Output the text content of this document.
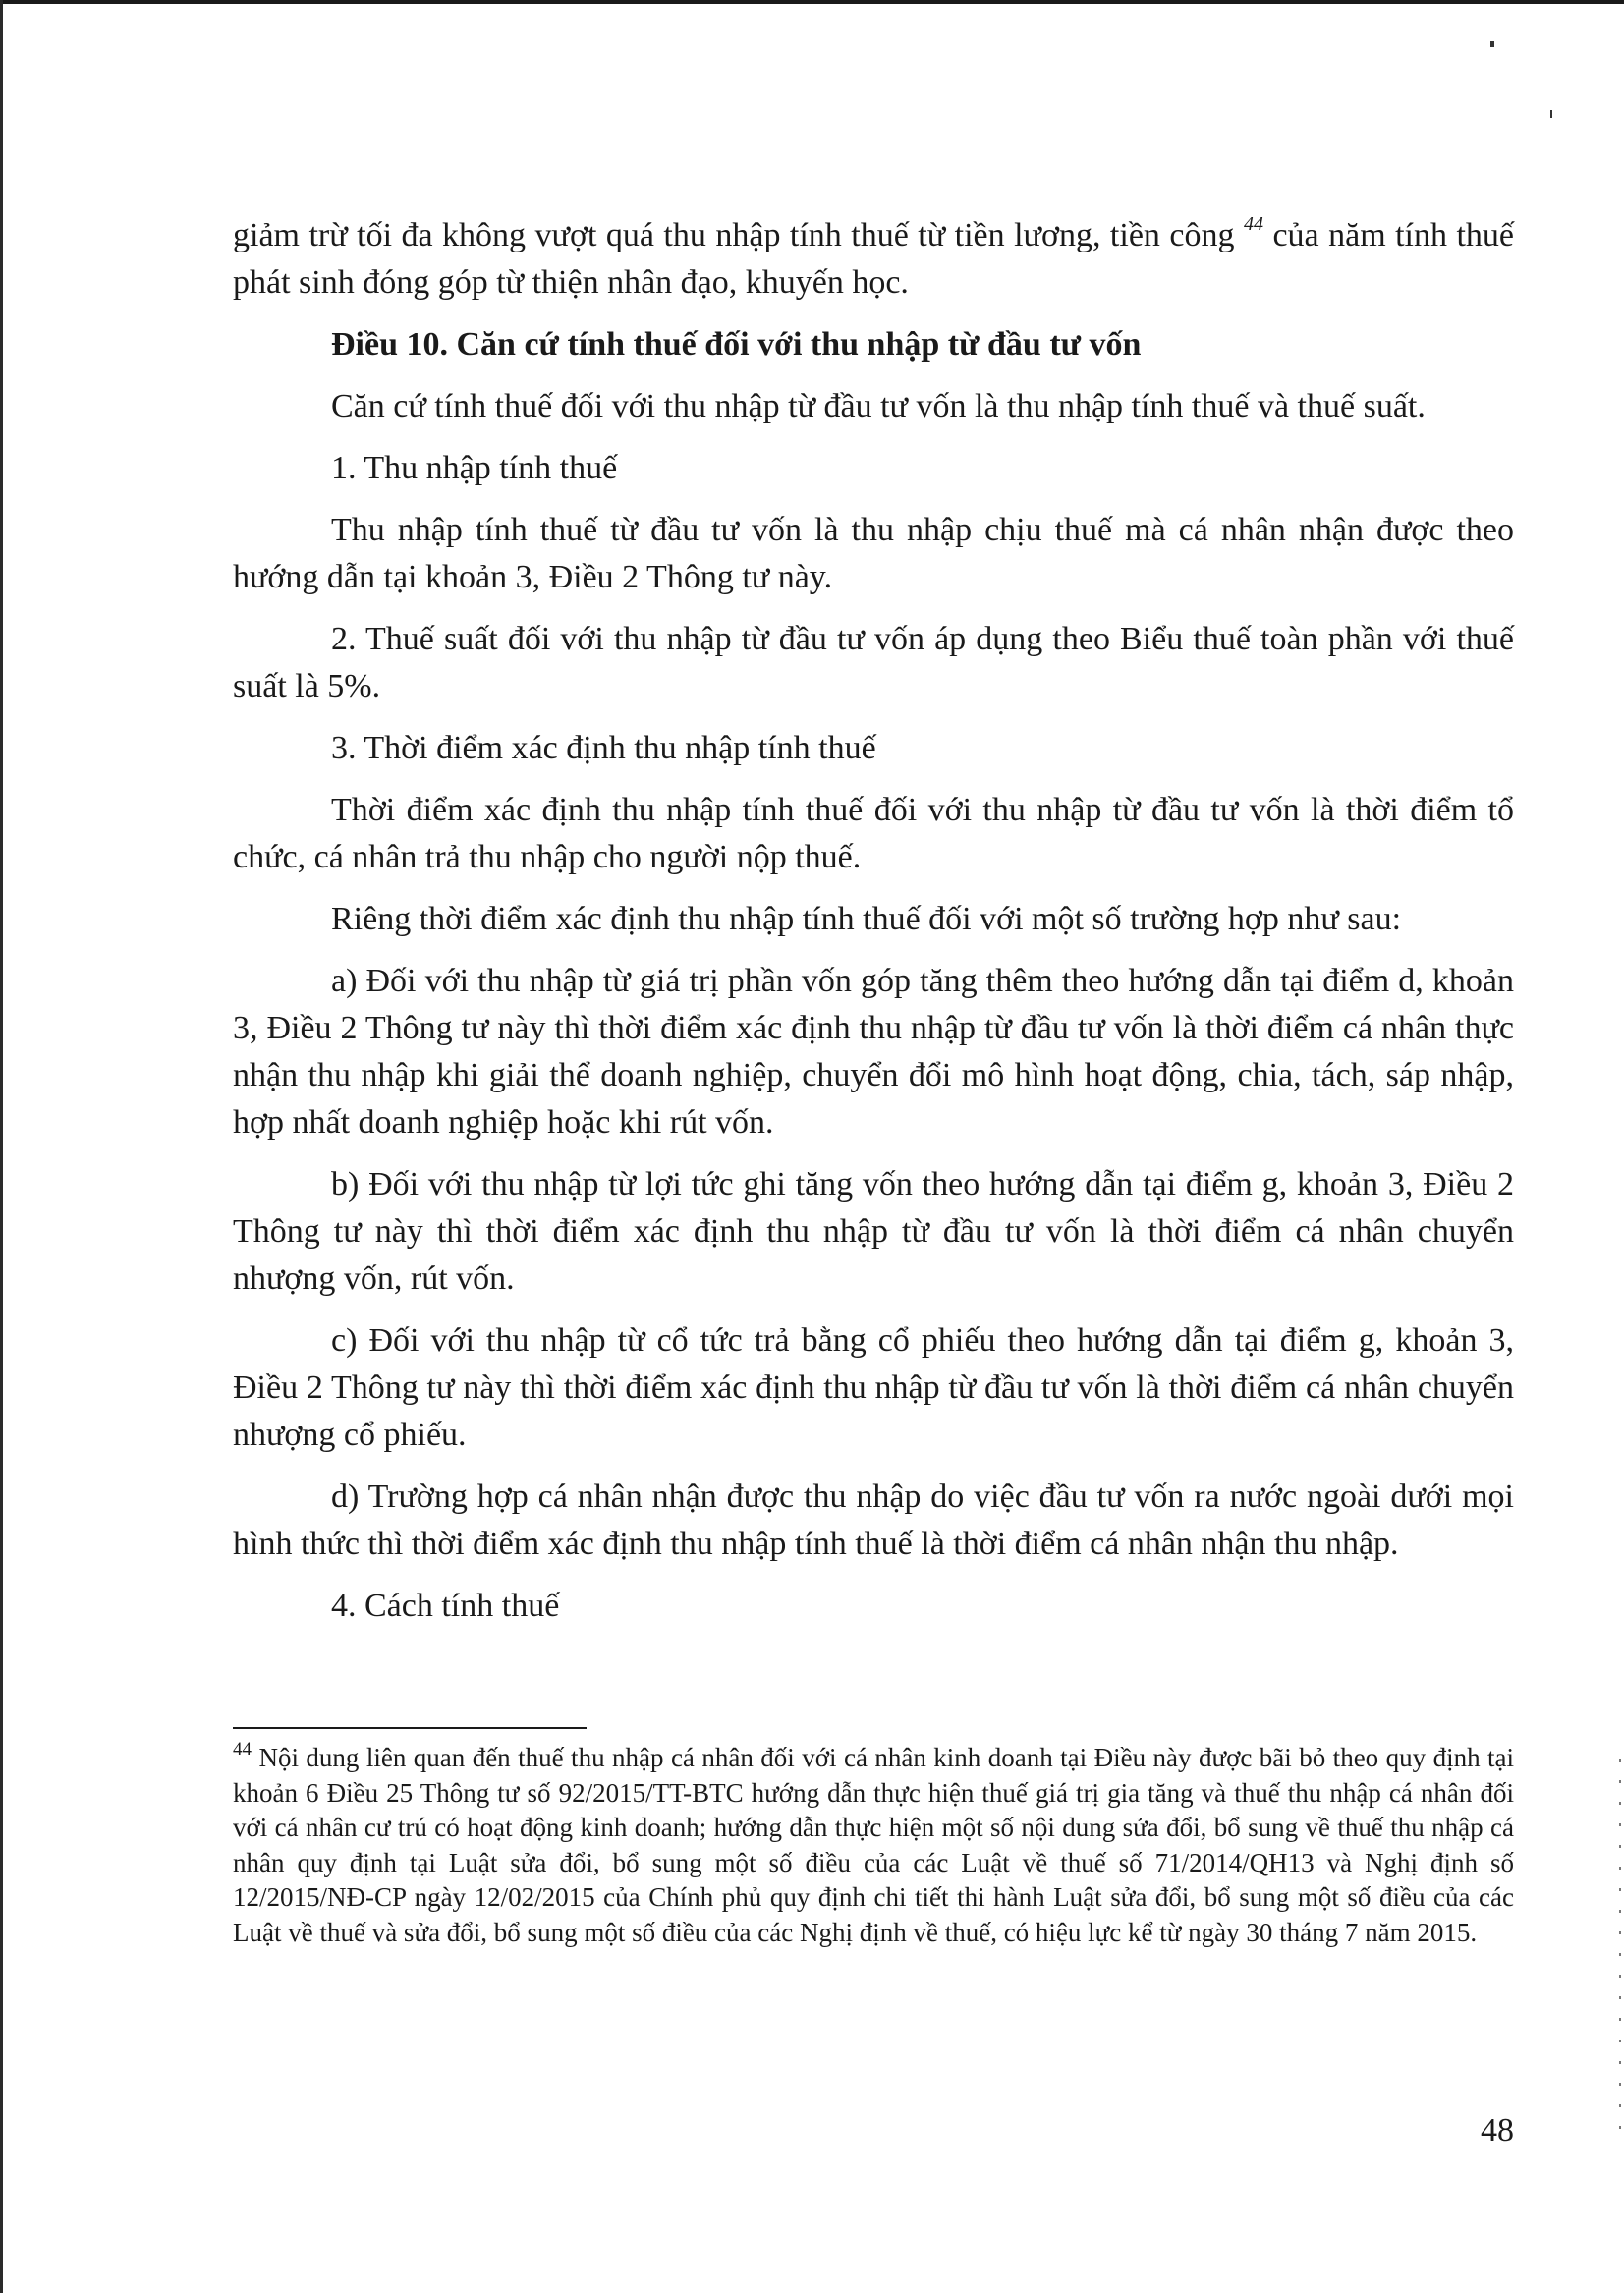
giảm trừ tối đa không vượt quá thu nhập tính thuế từ tiền lương, tiền công $^{44}$ của năm tính thuế phát sinh đóng góp từ thiện nhân đạo, khuyến học.

Điều 10. Căn cứ tính thuế đối với thu nhập từ đầu tư vốn

Căn cứ tính thuế đối với thu nhập từ đầu tư vốn là thu nhập tính thuế và thuế suất.

1. Thu nhập tính thuế

Thu nhập tính thuế từ đầu tư vốn là thu nhập chịu thuế mà cá nhân nhận được theo hướng dẫn tại khoản 3, Điều 2 Thông tư này.

2. Thuế suất đối với thu nhập từ đầu tư vốn áp dụng theo Biểu thuế toàn phần với thuế suất là 5%.

3. Thời điểm xác định thu nhập tính thuế

Thời điểm xác định thu nhập tính thuế đối với thu nhập từ đầu tư vốn là thời điểm tổ chức, cá nhân trả thu nhập cho người nộp thuế.

Riêng thời điểm xác định thu nhập tính thuế đối với một số trường hợp như sau:

a) Đối với thu nhập từ giá trị phần vốn góp tăng thêm theo hướng dẫn tại điểm d, khoản 3, Điều 2 Thông tư này thì thời điểm xác định thu nhập từ đầu tư vốn là thời điểm cá nhân thực nhận thu nhập khi giải thể doanh nghiệp, chuyển đổi mô hình hoạt động, chia, tách, sáp nhập, hợp nhất doanh nghiệp hoặc khi rút vốn.

b) Đối với thu nhập từ lợi tức ghi tăng vốn theo hướng dẫn tại điểm g, khoản 3, Điều 2 Thông tư này thì thời điểm xác định thu nhập từ đầu tư vốn là thời điểm cá nhân chuyển nhượng vốn, rút vốn.

c) Đối với thu nhập từ cổ tức trả bằng cổ phiếu theo hướng dẫn tại điểm g, khoản 3, Điều 2 Thông tư này thì thời điểm xác định thu nhập từ đầu tư vốn là thời điểm cá nhân chuyển nhượng cổ phiếu.

d) Trường hợp cá nhân nhận được thu nhập do việc đầu tư vốn ra nước ngoài dưới mọi hình thức thì thời điểm xác định thu nhập tính thuế là thời điểm cá nhân nhận thu nhập.

4. Cách tính thuế

$^{44}$ Nội dung liên quan đến thuế thu nhập cá nhân đối với cá nhân kinh doanh tại Điều này được bãi bỏ theo quy định tại khoản 6 Điều 25 Thông tư số 92/2015/TT-BTC hướng dẫn thực hiện thuế giá trị gia tăng và thuế thu nhập cá nhân đối với cá nhân cư trú có hoạt động kinh doanh; hướng dẫn thực hiện một số nội dung sửa đổi, bổ sung về thuế thu nhập cá nhân quy định tại Luật sửa đổi, bổ sung một số điều của các Luật về thuế số 71/2014/QH13 và Nghị định số 12/2015/NĐ-CP ngày 12/02/2015 của Chính phủ quy định chi tiết thi hành Luật sửa đổi, bổ sung một số điều của các Luật về thuế và sửa đổi, bổ sung một số điều của các Nghị định về thuế, có hiệu lực kể từ ngày 30 tháng 7 năm 2015.

48
